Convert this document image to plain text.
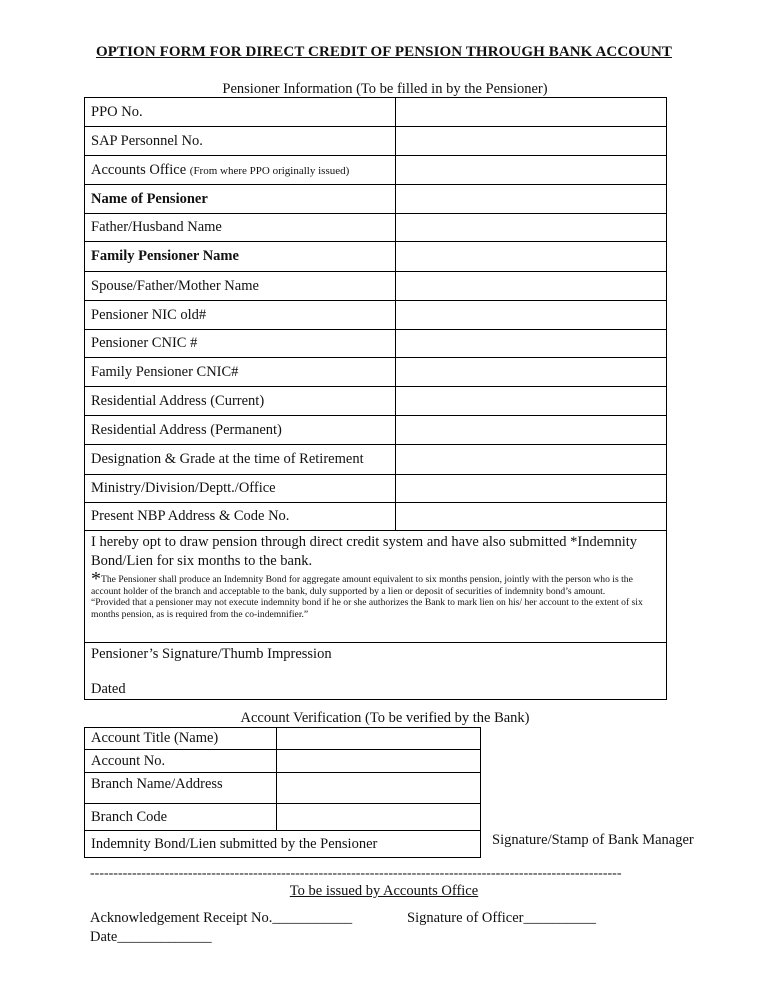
OPTION FORM FOR DIRECT CREDIT OF PENSION THROUGH BANK ACCOUNT
Pensioner Information (To be filled in by the Pensioner)
PPO No.	
SAP Personnel No.	
Accounts Office (From where PPO originally issued)	
Name of Pensioner	
Father/Husband Name	
Family Pensioner Name	
Spouse/Father/Mother Name	
Pensioner NIC old#	
Pensioner CNIC #	
Family Pensioner CNIC#	
Residential Address (Current)	
Residential Address (Permanent)	
Designation & Grade at the time of Retirement	
Ministry/Division/Deptt./Office	
Present NBP Address & Code No.	

I hereby opt to draw pension through direct credit system and have also submitted *Indemnity Bond/Lien for six months to the bank.
*The Pensioner shall produce an Indemnity Bond for aggregate amount equivalent to six months pension, jointly with the person who is the account holder of the branch and acceptable to the bank, duly supported by a lien or deposit of securities of indemnity bond’s amount.
“Provided that a pensioner may not execute indemnity bond if he or she authorizes the Bank to mark lien on his/ her account to the extent of six months pension, as is required from the co-indemnifier.”	

Pensioner’s Signature/Thumb Impression
Dated	
Account Verification (To be verified by the Bank)
Account Title (Name)	
Account No.	
Branch Name/Address	
Branch Code	
Indemnity Bond/Lien submitted by the Pensioner		Signature/Stamp of Bank Manager
------------------------------------------------------------------------------------------------------------------
To be issued by Accounts Office
Acknowledgement Receipt No.___________	Signature of Officer__________
Date_____________
